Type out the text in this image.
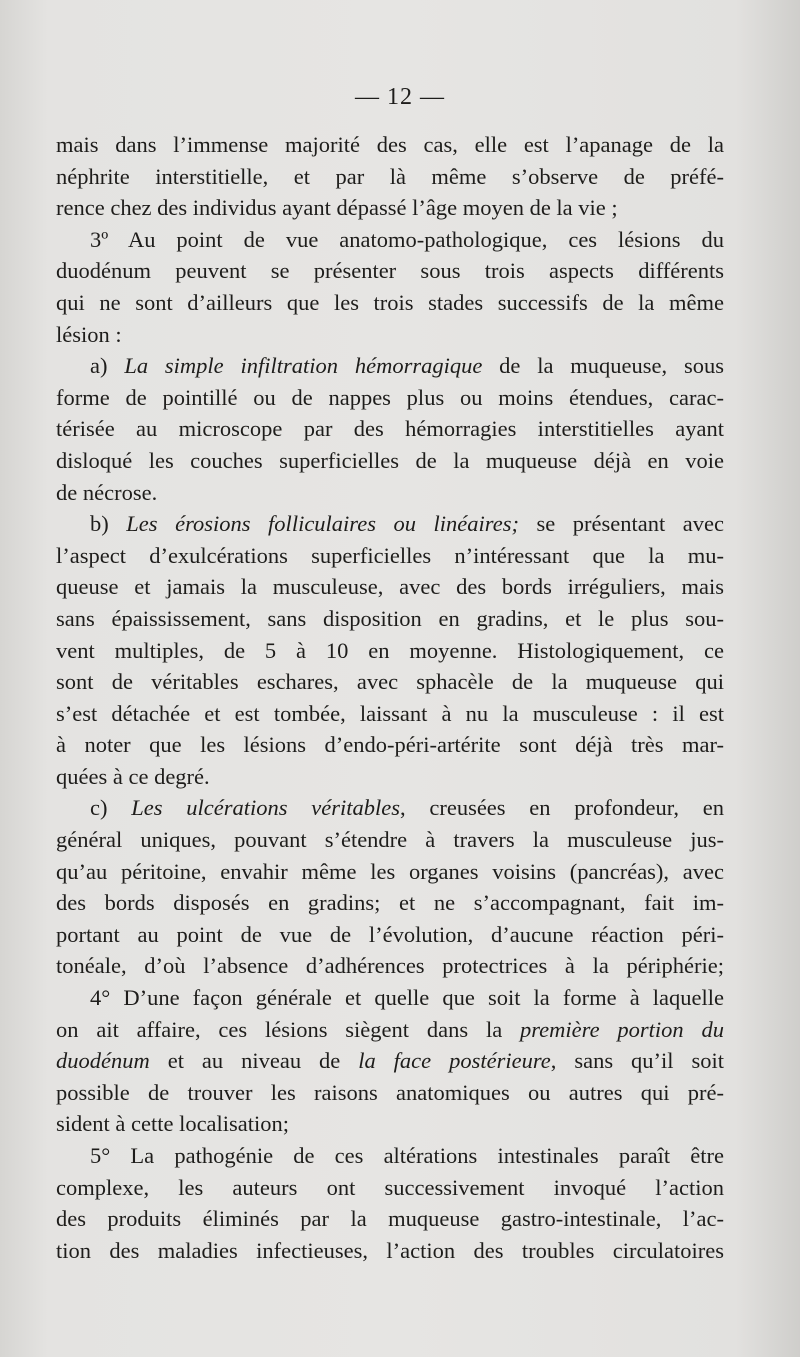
— 12 —
mais dans l’immense majorité des cas, elle est l’apanage de la
néphrite interstitielle, et par là même s’observe de préfé-
rence chez des individus ayant dépassé l’âge moyen de la vie ;
3º Au point de vue anatomo-pathologique, ces lésions du
duodénum peuvent se présenter sous trois aspects différents
qui ne sont d’ailleurs que les trois stades successifs de la même
lésion :
a) La simple infiltration hémorragique de la muqueuse, sous
forme de pointillé ou de nappes plus ou moins étendues, carac-
térisée au microscope par des hémorragies interstitielles ayant
disloqué les couches superficielles de la muqueuse déjà en voie
de nécrose.
b) Les érosions folliculaires ou linéaires; se présentant avec
l’aspect d’exulcérations superficielles n’intéressant que la mu-
queuse et jamais la musculeuse, avec des bords irréguliers, mais
sans épaississement, sans disposition en gradins, et le plus sou-
vent multiples, de 5 à 10 en moyenne. Histologiquement, ce
sont de véritables eschares, avec sphacèle de la muqueuse qui
s’est détachée et est tombée, laissant à nu la musculeuse : il est
à noter que les lésions d’endo-péri-artérite sont déjà très mar-
quées à ce degré.
c) Les ulcérations véritables, creusées en profondeur, en
général uniques, pouvant s’étendre à travers la musculeuse jus-
qu’au péritoine, envahir même les organes voisins (pancréas), avec
des bords disposés en gradins; et ne s’accompagnant, fait im-
portant au point de vue de l’évolution, d’aucune réaction péri-
tonéale, d’où l’absence d’adhérences protectrices à la périphérie;
4° D’une façon générale et quelle que soit la forme à laquelle
on ait affaire, ces lésions siègent dans la première portion du
duodénum et au niveau de la face postérieure, sans qu’il soit
possible de trouver les raisons anatomiques ou autres qui pré-
sident à cette localisation;
5° La pathogénie de ces altérations intestinales paraît être
complexe, les auteurs ont successivement invoqué l’action
des produits éliminés par la muqueuse gastro-intestinale, l’ac-
tion des maladies infectieuses, l’action des troubles circulatoires
